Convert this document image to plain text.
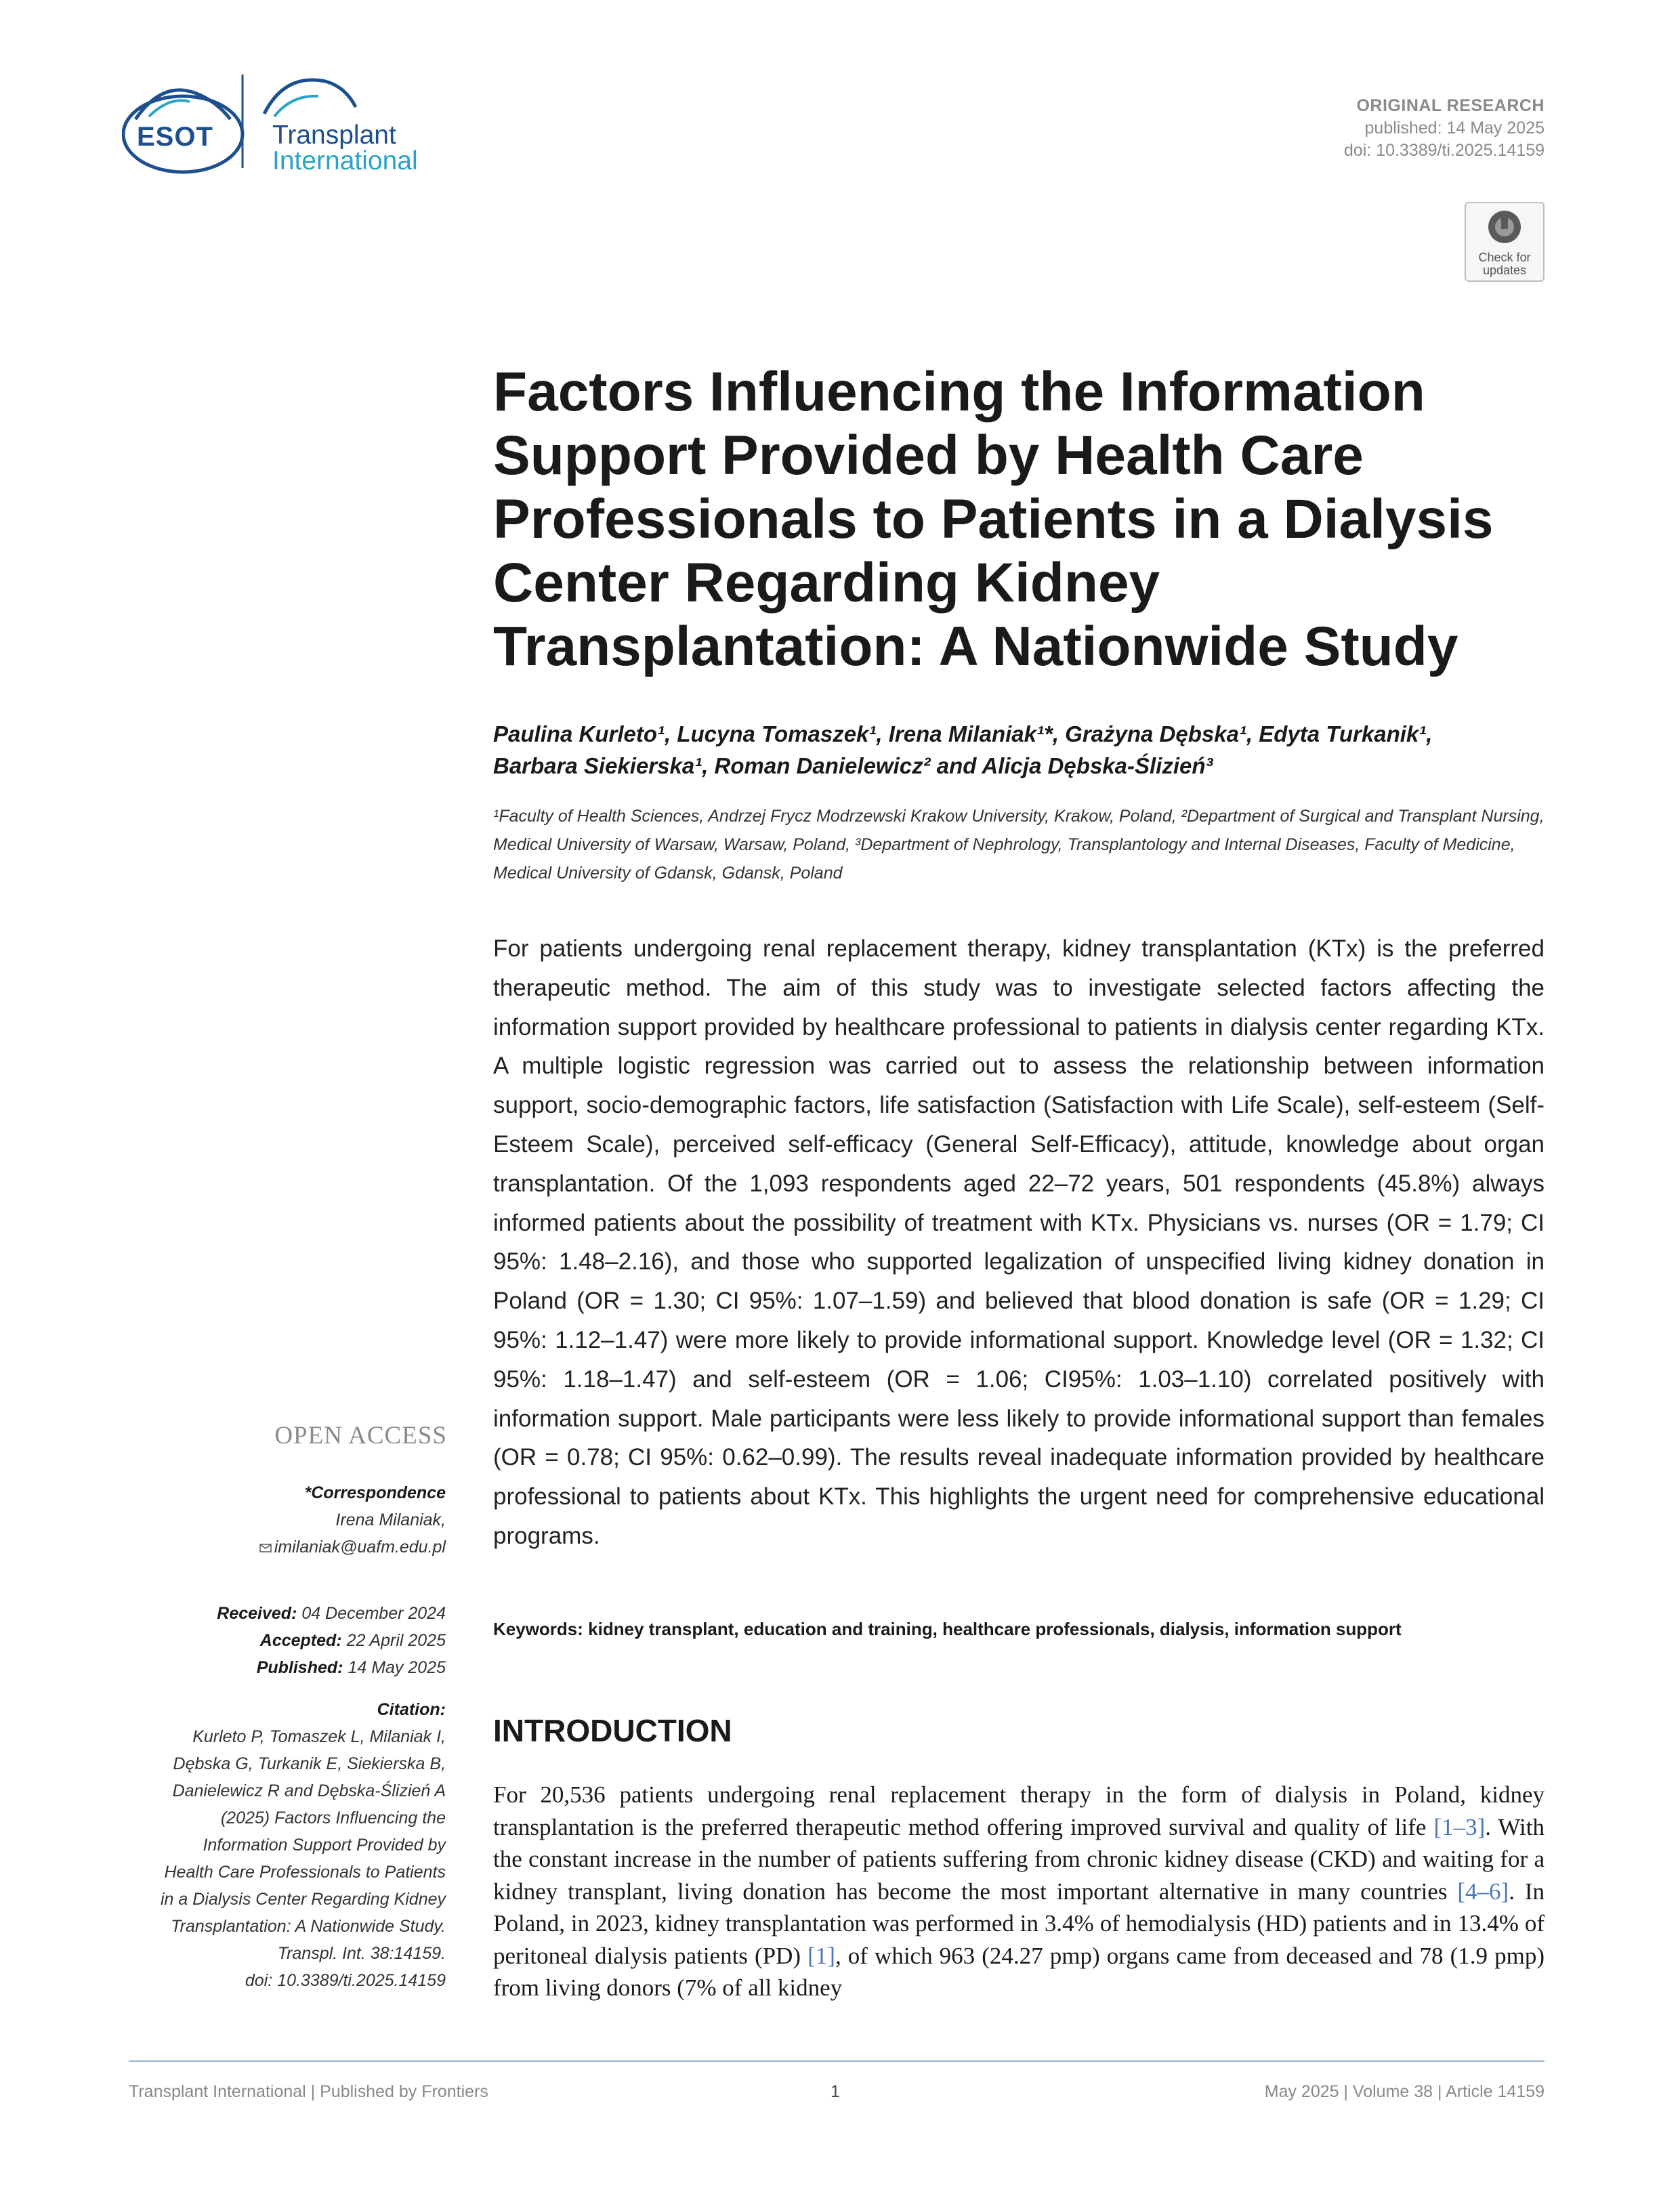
ESOT Transplant
International
ORIGINAL RESEARCH
published: 14 May 2025
doi: 10.3389/ti.2025.14159
Check for
updates
Factors Influencing the Information Support Provided by Health Care Professionals to Patients in a Dialysis Center Regarding Kidney Transplantation: A Nationwide Study
Paulina Kurleto¹, Lucyna Tomaszek¹, Irena Milaniak¹*, Grażyna Dębska¹, Edyta Turkanik¹,
Barbara Siekierska¹, Roman Danielewicz² and Alicja Dębska-Ślizień³
¹Faculty of Health Sciences, Andrzej Frycz Modrzewski Krakow University, Krakow, Poland, ²Department of Surgical and Transplant Nursing, Medical University of Warsaw, Warsaw, Poland, ³Department of Nephrology, Transplantology and Internal Diseases, Faculty of Medicine, Medical University of Gdansk, Gdansk, Poland
For patients undergoing renal replacement therapy, kidney transplantation (KTx) is the preferred therapeutic method. The aim of this study was to investigate selected factors affecting the information support provided by healthcare professional to patients in dialysis center regarding KTx. A multiple logistic regression was carried out to assess the relationship between information support, socio-demographic factors, life satisfaction (Satisfaction with Life Scale), self-esteem (Self-Esteem Scale), perceived self-efficacy (General Self-Efficacy), attitude, knowledge about organ transplantation. Of the 1,093 respondents aged 22–72 years, 501 respondents (45.8%) always informed patients about the possibility of treatment with KTx. Physicians vs. nurses (OR = 1.79; CI 95%: 1.48–2.16), and those who supported legalization of unspecified living kidney donation in Poland (OR = 1.30; CI 95%: 1.07–1.59) and believed that blood donation is safe (OR = 1.29; CI 95%: 1.12–1.47) were more likely to provide informational support. Knowledge level (OR = 1.32; CI 95%: 1.18–1.47) and self-esteem (OR = 1.06; CI95%: 1.03–1.10) correlated positively with information support. Male participants were less likely to provide informational support than females (OR = 0.78; CI 95%: 0.62–0.99). The results reveal inadequate information provided by healthcare professional to patients about KTx. This highlights the urgent need for comprehensive educational programs.
Keywords: kidney transplant, education and training, healthcare professionals, dialysis, information support
INTRODUCTION
For 20,536 patients undergoing renal replacement therapy in the form of dialysis in Poland, kidney transplantation is the preferred therapeutic method offering improved survival and quality of life [1–3]. With the constant increase in the number of patients suffering from chronic kidney disease (CKD) and waiting for a kidney transplant, living donation has become the most important alternative in many countries [4–6]. In Poland, in 2023, kidney transplantation was performed in 3.4% of hemodialysis (HD) patients and in 13.4% of peritoneal dialysis patients (PD) [1], of which 963 (24.27 pmp) organs came from deceased and 78 (1.9 pmp) from living donors (7% of all kidney
OPEN ACCESS
*Correspondence
Irena Milaniak,
imilaniak@uafm.edu.pl
Received: 04 December 2024
Accepted: 22 April 2025
Published: 14 May 2025
Citation:
Kurleto P, Tomaszek L, Milaniak I,
Dębska G, Turkanik E, Siekierska B,
Danielewicz R and Dębska-Ślizień A
(2025) Factors Influencing the
Information Support Provided by
Health Care Professionals to Patients
in a Dialysis Center Regarding Kidney
Transplantation: A Nationwide Study.
Transpl. Int. 38:14159.
doi: 10.3389/ti.2025.14159
Transplant International | Published by Frontiers	1	May 2025 | Volume 38 | Article 14159
